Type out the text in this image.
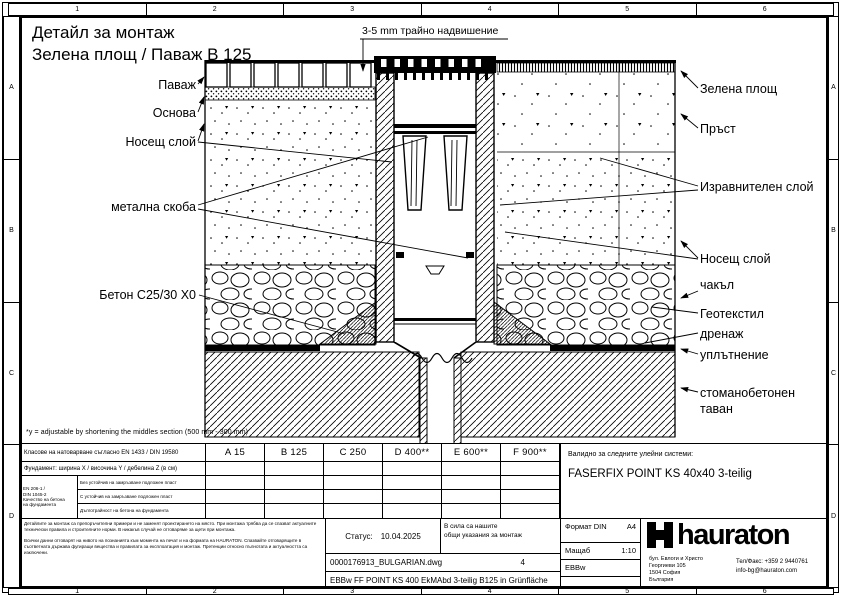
1	2	3	4	5	6
1	2	3	4	5	6
A
B
C
D
A
B
C
D
3-5 mm трайно надвишение
Детайл за монтаж
Зелена площ / Паваж B 125
Паваж
Основа
Носещ слой
метална скоба
Бетон C25/30 X0
Зелена площ
Пръст
Изравнителен слой
Носещ слой
чакъл
Геотекстил
дренаж
уплътнение
стоманобетонен
таван
*y = adjustable by shortening the middles section (500 mm - 300 mm)
Класове на натоварване съгласно EN 1433 / DIN 19580	A 15	B 125	C 250	D 400**	E 600**	F 900**
Фундамент: ширина X / височина Y / дебелина Z (в см)
EN 206-1 /
DIN 1045-2
Качество на бетона
на фундамента
Без устойчив на замръзване подложен пласт
С устойчив на замръзване подложен пласт
Дълготрайност на бетона на фундамента

Детайлите за монтаж са препоръчителни примери и не заменят проектирането на място. При монтажа трябва да се спазват актуалните технически правила и строителните норми. В никакъв случай не отговаряме за щети при монтажа.

Всички данни отговарят на нивото на познанията към момента на печат и на формата на HAURATON. Спазвайте отговарящите в съответната държава фугиращи вещества и правилата за експлоатация и монтаж. Претенции относно пълнотата и актуалността са изключени.

Статус: 10.04.2025
В сила са нашите
общи указания за монтаж
0000176913_BULGARIAN.dwg	4
EBBw FF POINT KS 400 EkMAbd 3-teilig B125 in Grünfläche
Валидно за следните улейни системи:
FASERFIX POINT KS 40x40 3-teilig
Формат DIN	A4
Мащаб	1:10
EBBw
hauraton
бул. Евлоги и Христо
Георгиеви 105
1504 София
България
Тел/Факс: +359 2 9440761
info-bg@hauraton.com
